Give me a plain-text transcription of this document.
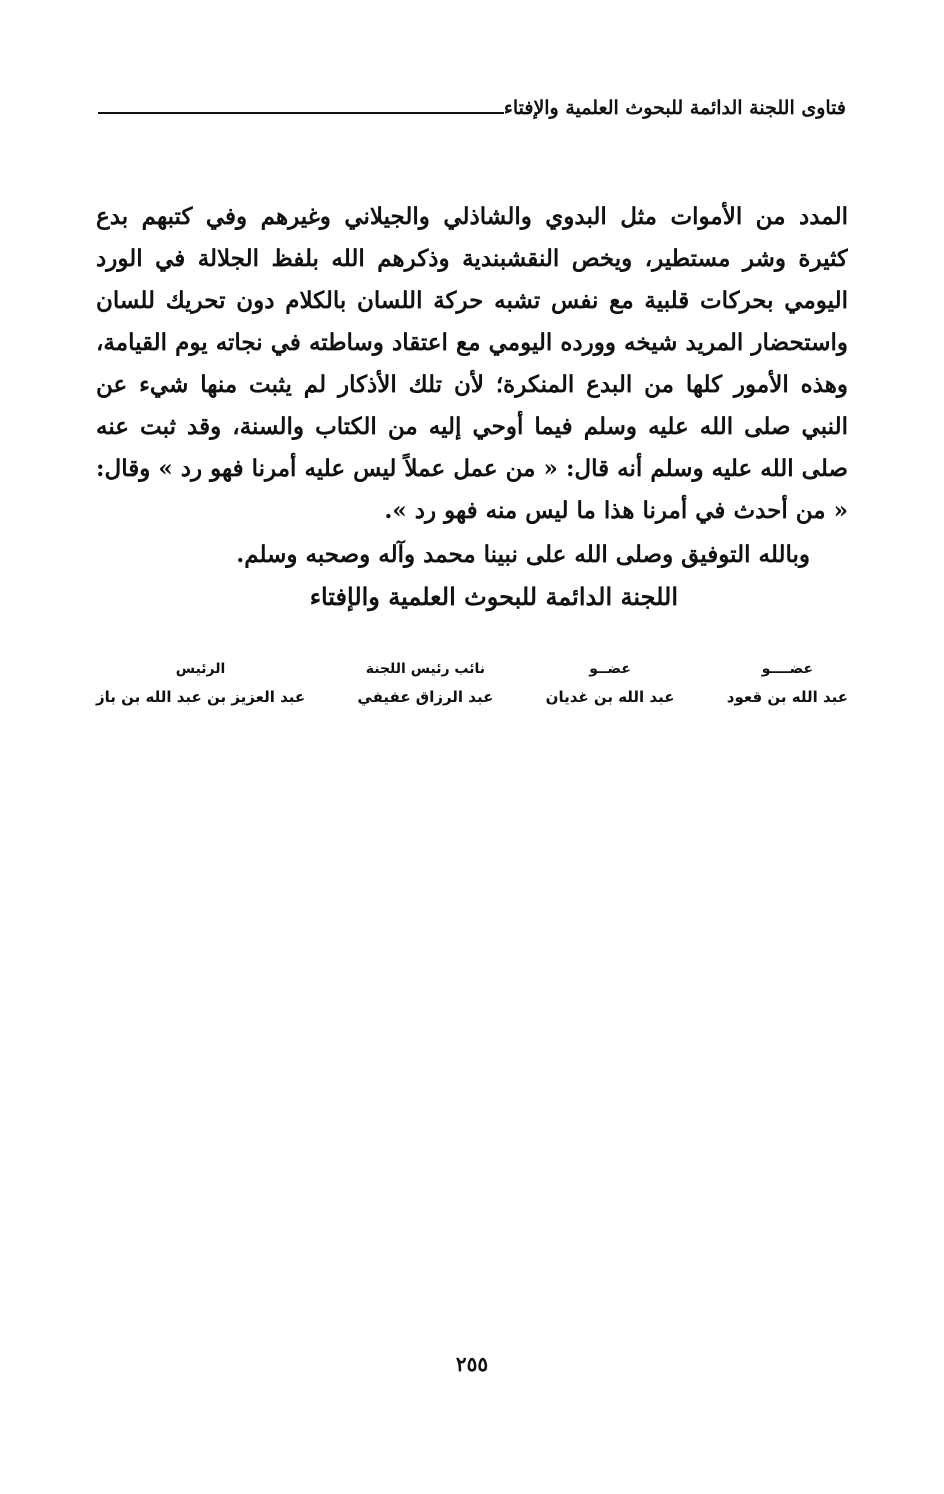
فتاوى اللجنة الدائمة للبحوث العلمية والإفتاء
المدد من الأموات مثل البدوي والشاذلي والجيلاني وغيرهم وفي كتبهم بدع
كثيرة وشر مستطير، ويخص النقشبندية وذكرهم الله بلفظ الجلالة في الورد
اليومي بحركات قلبية مع نفس تشبه حركة اللسان بالكلام دون تحريك للسان
واستحضار المريد شيخه وورده اليومي مع اعتقاد وساطته في نجاته يوم القيامة،
وهذه الأمور كلها من البدع المنكرة؛ لأن تلك الأذكار لم يثبت منها شيء عن
النبي صلى الله عليه وسلم فيما أوحي إليه من الكتاب والسنة، وقد ثبت عنه
صلى الله عليه وسلم أنه قال: « من عمل عملاً ليس عليه أمرنا فهو رد » وقال:
« من أحدث في أمرنا هذا ما ليس منه فهو رد ».
وبالله التوفيق وصلى الله على نبينا محمد وآله وصحبه وسلم.
اللجنة الدائمة للبحوث العلمية والإفتاء
عضــــو
عبد الله بن قعود
عضــو
عبد الله بن غديان
نائب رئيس اللجنة
عبد الرزاق عفيفي
الرئيس
عبد العزيز بن عبد الله بن باز
٢٥٥
